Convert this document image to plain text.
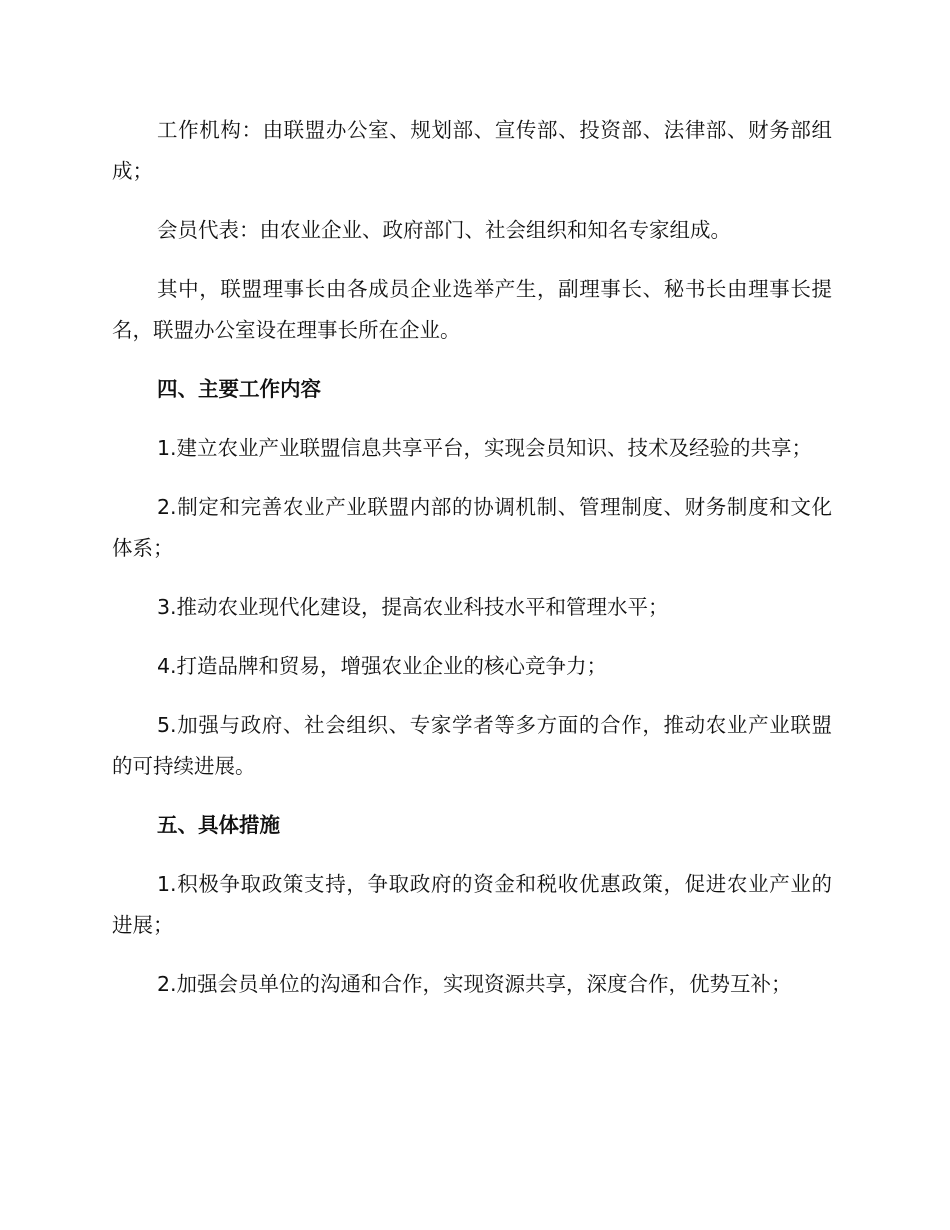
工作机构：由联盟办公室、规划部、宣传部、投资部、法律部、财务部组成；

会员代表：由农业企业、政府部门、社会组织和知名专家组成。

其中，联盟理事长由各成员企业选举产生，副理事长、秘书长由理事长提名，联盟办公室设在理事长所在企业。

四、主要工作内容

1.建立农业产业联盟信息共享平台，实现会员知识、技术及经验的共享；

2.制定和完善农业产业联盟内部的协调机制、管理制度、财务制度和文化体系；

3.推动农业现代化建设，提高农业科技水平和管理水平；

4.打造品牌和贸易，增强农业企业的核心竞争力；

5.加强与政府、社会组织、专家学者等多方面的合作，推动农业产业联盟的可持续进展。

五、具体措施

1.积极争取政策支持，争取政府的资金和税收优惠政策，促进农业产业的进展；

2.加强会员单位的沟通和合作，实现资源共享，深度合作，优势互补；
